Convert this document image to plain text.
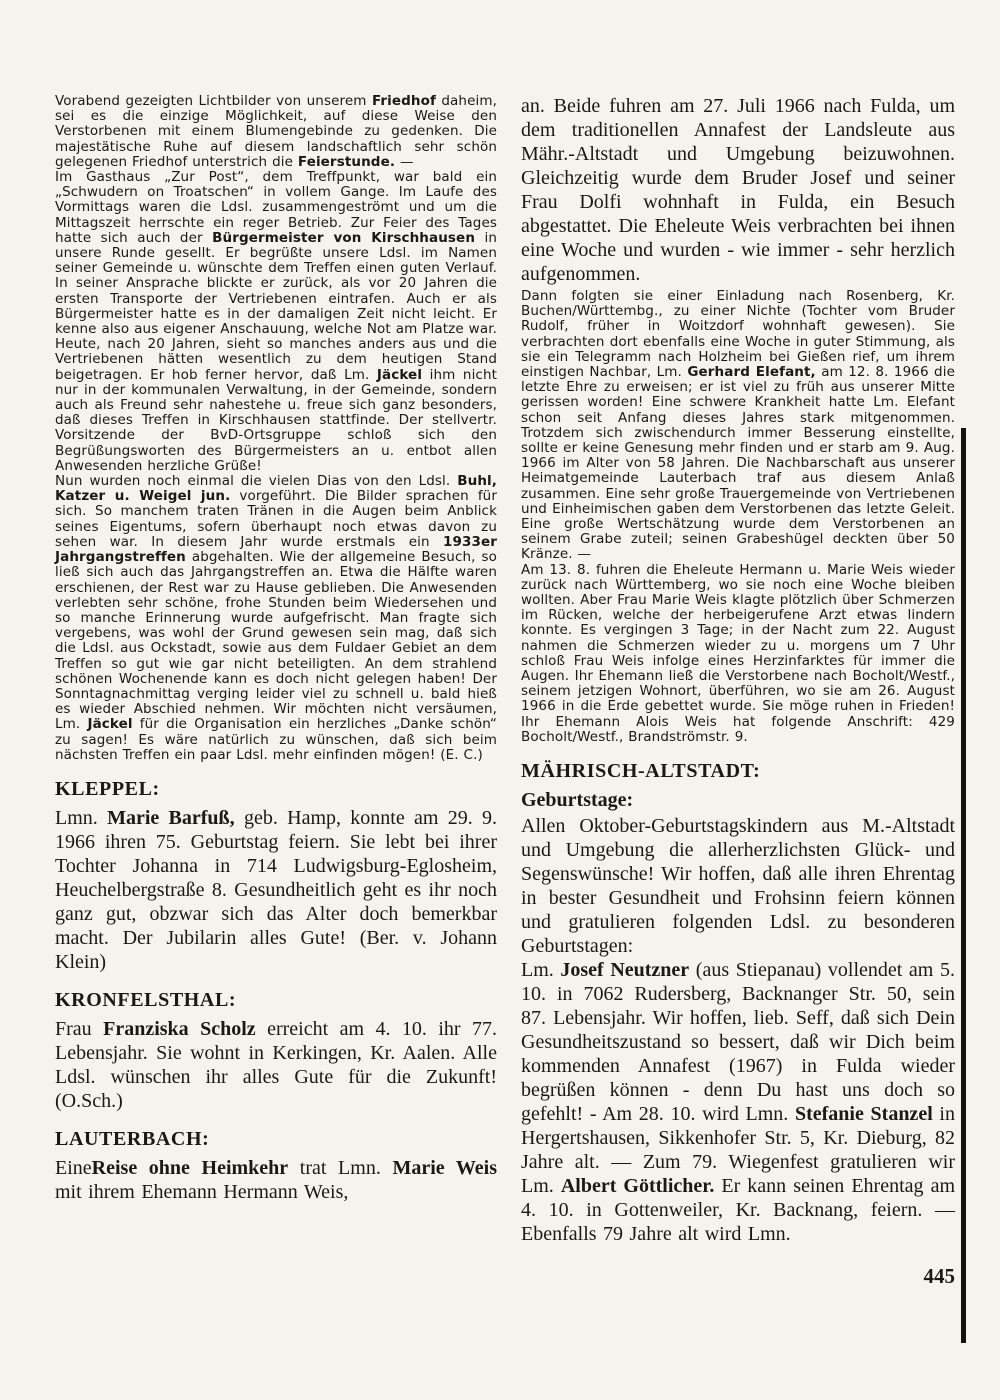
Vorabend gezeigten Lichtbilder von unserem Friedhof daheim, sei es die einzige Möglichkeit, auf diese Weise den Verstorbenen mit einem Blumengebinde zu gedenken. Die majestätische Ruhe auf diesem landschaftlich sehr schön gelegenen Friedhof unterstrich die Feierstunde. —

Im Gasthaus „Zur Post“, dem Treffpunkt, war bald ein „Schwudern on Troatschen“ in vollem Gange. Im Laufe des Vormittags waren die Ldsl. zusammengeströmt und um die Mittagszeit herrschte ein reger Betrieb. Zur Feier des Tages hatte sich auch der Bürgermeister von Kirschhausen in unsere Runde gesellt. Er begrüßte unsere Ldsl. im Namen seiner Gemeinde u. wünschte dem Treffen einen guten Verlauf. In seiner Ansprache blickte er zurück, als vor 20 Jahren die ersten Transporte der Vertriebenen eintrafen. Auch er als Bürgermeister hatte es in der damaligen Zeit nicht leicht. Er kenne also aus eigener Anschauung, welche Not am Platze war. Heute, nach 20 Jahren, sieht so manches anders aus und die Vertriebenen hätten wesentlich zu dem heutigen Stand beigetragen. Er hob ferner hervor, daß Lm. Jäckel ihm nicht nur in der kommunalen Verwaltung, in der Gemeinde, sondern auch als Freund sehr nahestehe u. freue sich ganz besonders, daß dieses Treffen in Kirschhausen stattfinde. Der stellvertr. Vorsitzende der BvD-Ortsgruppe schloß sich den Begrüßungsworten des Bürgermeisters an u. entbot allen Anwesenden herzliche Grüße!

Nun wurden noch einmal die vielen Dias von den Ldsl. Buhl, Katzer u. Weigel jun. vorgeführt. Die Bilder sprachen für sich. So manchem traten Tränen in die Augen beim Anblick seines Eigentums, sofern überhaupt noch etwas davon zu sehen war. In diesem Jahr wurde erstmals ein 1933er Jahrgangstreffen abgehalten. Wie der allgemeine Besuch, so ließ sich auch das Jahrgangstreffen an. Etwa die Hälfte waren erschienen, der Rest war zu Hause geblieben. Die Anwesenden verlebten sehr schöne, frohe Stunden beim Wiedersehen und so manche Erinnerung wurde aufgefrischt. Man fragte sich vergebens, was wohl der Grund gewesen sein mag, daß sich die Ldsl. aus Ockstadt, sowie aus dem Fuldaer Gebiet an dem Treffen so gut wie gar nicht beteiligten. An dem strahlend schönen Wochenende kann es doch nicht gelegen haben! Der Sonntagnachmittag verging leider viel zu schnell u. bald hieß es wieder Abschied nehmen. Wir möchten nicht versäumen, Lm. Jäckel für die Organisation ein herzliches „Danke schön“ zu sagen! Es wäre natürlich zu wünschen, daß sich beim nächsten Treffen ein paar Ldsl. mehr einfinden mögen! (E. C.)

KLEPPEL:

Lmn. Marie Barfuß, geb. Hamp, konnte am 29. 9. 1966 ihren 75. Geburtstag feiern. Sie lebt bei ihrer Tochter Johanna in 714 Ludwigsburg-Eglosheim, Heuchelbergstraße 8. Gesundheitlich geht es ihr noch ganz gut, obzwar sich das Alter doch bemerkbar macht. Der Jubilarin alles Gute! (Ber. v. Johann Klein)

KRONFELSTHAL:

Frau Franziska Scholz erreicht am 4. 10. ihr 77. Lebensjahr. Sie wohnt in Kerkingen, Kr. Aalen. Alle Ldsl. wünschen ihr alles Gute für die Zukunft! (O.Sch.)

LAUTERBACH:

EineReise ohne Heimkehr trat Lmn. Marie Weis mit ihrem Ehemann Hermann Weis,

an. Beide fuhren am 27. Juli 1966 nach Fulda, um dem traditionellen Annafest der Landsleute aus Mähr.-Altstadt und Umgebung beizuwohnen. Gleichzeitig wurde dem Bruder Josef und seiner Frau Dolfi wohnhaft in Fulda, ein Besuch abgestattet. Die Eheleute Weis verbrachten bei ihnen eine Woche und wurden - wie immer - sehr herzlich aufgenommen.

Dann folgten sie einer Einladung nach Rosenberg, Kr. Buchen/Württembg., zu einer Nichte (Tochter vom Bruder Rudolf, früher in Woitzdorf wohnhaft gewesen). Sie verbrachten dort ebenfalls eine Woche in guter Stimmung, als sie ein Telegramm nach Holzheim bei Gießen rief, um ihrem einstigen Nachbar, Lm. Gerhard Elefant, am 12. 8. 1966 die letzte Ehre zu erweisen; er ist viel zu früh aus unserer Mitte gerissen worden! Eine schwere Krankheit hatte Lm. Elefant schon seit Anfang dieses Jahres stark mitgenommen. Trotzdem sich zwischendurch immer Besserung einstellte, sollte er keine Genesung mehr finden und er starb am 9. Aug. 1966 im Alter von 58 Jahren. Die Nachbarschaft aus unserer Heimatgemeinde Lauterbach traf aus diesem Anlaß zusammen. Eine sehr große Trauergemeinde von Vertriebenen und Einheimischen gaben dem Verstorbenen das letzte Geleit. Eine große Wertschätzung wurde dem Verstorbenen an seinem Grabe zuteil; seinen Grabeshügel deckten über 50 Kränze. —

Am 13. 8. fuhren die Eheleute Hermann u. Marie Weis wieder zurück nach Württemberg, wo sie noch eine Woche bleiben wollten. Aber Frau Marie Weis klagte plötzlich über Schmerzen im Rücken, welche der herbeigerufene Arzt etwas lindern konnte. Es vergingen 3 Tage; in der Nacht zum 22. August nahmen die Schmerzen wieder zu u. morgens um 7 Uhr schloß Frau Weis infolge eines Herzinfarktes für immer die Augen. Ihr Ehemann ließ die Verstorbene nach Bocholt/Westf., seinem jetzigen Wohnort, überführen, wo sie am 26. August 1966 in die Erde gebettet wurde. Sie möge ruhen in Frieden! Ihr Ehemann Alois Weis hat folgende Anschrift: 429 Bocholt/Westf., Brandströmstr. 9.

MÄHRISCH-ALTSTADT:
Geburtstage:

Allen Oktober-Geburtstagskindern aus M.-Altstadt und Umgebung die allerherzlichsten Glück- und Segenswünsche! Wir hoffen, daß alle ihren Ehrentag in bester Gesundheit und Frohsinn feiern können und gratulieren folgenden Ldsl. zu besonderen Geburtstagen:

Lm. Josef Neutzner (aus Stiepanau) vollendet am 5. 10. in 7062 Rudersberg, Backnanger Str. 50, sein 87. Lebensjahr. Wir hoffen, lieb. Seff, daß sich Dein Gesundheitszustand so bessert, daß wir Dich beim kommenden Annafest (1967) in Fulda wieder begrüßen können - denn Du hast uns doch so gefehlt! - Am 28. 10. wird Lmn. Stefanie Stanzel in Hergertshausen, Sikkenhofer Str. 5, Kr. Dieburg, 82 Jahre alt. — Zum 79. Wiegenfest gratulieren wir Lm. Albert Göttlicher. Er kann seinen Ehrentag am 4. 10. in Gottenweiler, Kr. Backnang, feiern. — Ebenfalls 79 Jahre alt wird Lmn.

445
